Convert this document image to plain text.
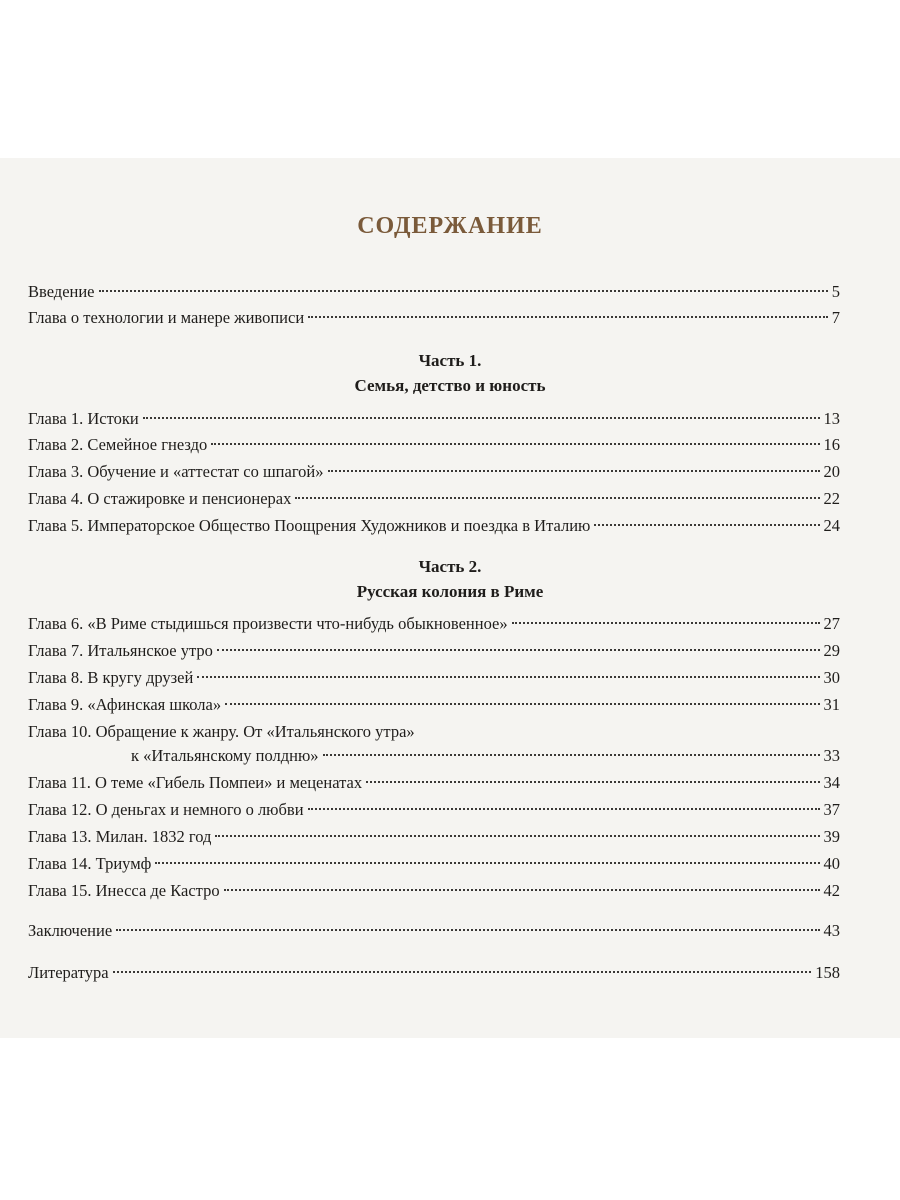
СОДЕРЖАНИЕ
Введение	5
Глава о технологии и манере живописи	7
Часть 1.
Семья, детство и юность
Глава 1. Истоки	13
Глава 2. Семейное гнездо	16
Глава 3. Обучение и «аттестат со шпагой»	20
Глава 4. О стажировке и пенсионерах	22
Глава 5. Императорское Общество Поощрения Художников и поездка в Италию	24
Часть 2.
Русская колония в Риме
Глава 6. «В Риме стыдишься произвести что-нибудь обыкновенное»	27
Глава 7. Итальянское утро	29
Глава 8. В кругу друзей	30
Глава 9. «Афинская школа»	31
Глава 10. Обращение к жанру. От «Итальянского утра»
к «Итальянскому полдню»	33
Глава 11. О теме «Гибель Помпеи» и меценатах	34
Глава 12. О деньгах и немного о любви	37
Глава 13. Милан. 1832 год	39
Глава 14. Триумф	40
Глава 15. Инесса де Кастро	42
Заключение	43
Литература	158
